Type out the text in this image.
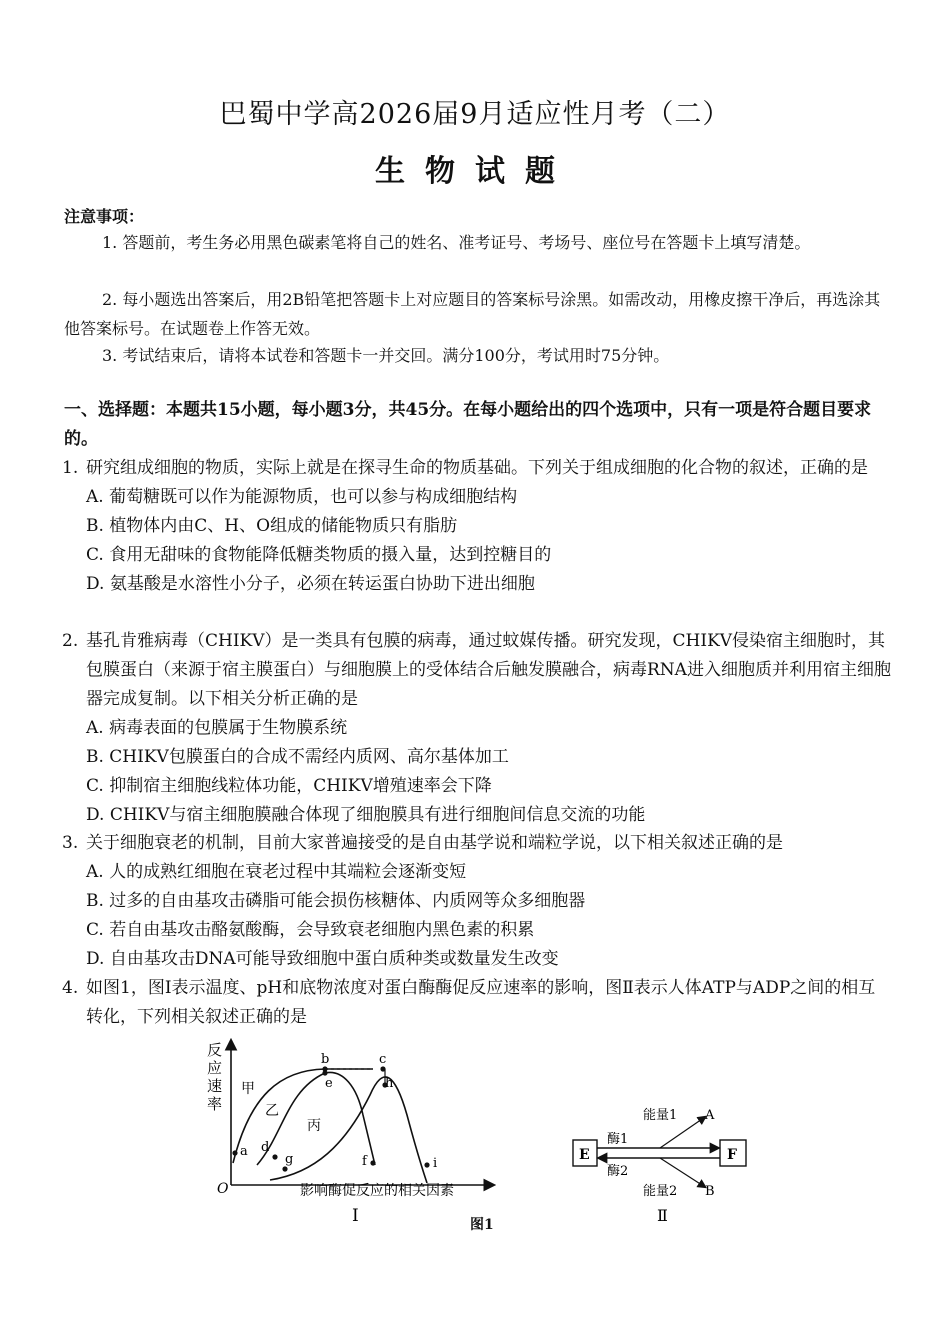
巴蜀中学高2026届9月适应性月考（二）
生物试题
注意事项：
1. 答题前，考生务必用黑色碳素笔将自己的姓名、准考证号、考场号、座位号在答题卡上填写清楚。
2. 每小题选出答案后，用2B铅笔把答题卡上对应题目的答案标号涂黑。如需改动，用橡皮擦干净后，再选涂其他答案标号。在试题卷上作答无效。
3. 考试结束后，请将本试卷和答题卡一并交回。满分100分，考试用时75分钟。
一、选择题：本题共15小题，每小题3分，共45分。在每小题给出的四个选项中，只有一项是符合题目要求的。
1. 研究组成细胞的物质，实际上就是在探寻生命的物质基础。下列关于组成细胞的化合物的叙述，正确的是
A. 葡萄糖既可以作为能源物质，也可以参与构成细胞结构
B. 植物体内由C、H、O组成的储能物质只有脂肪
C. 食用无甜味的食物能降低糖类物质的摄入量，达到控糖目的
D. 氨基酸是水溶性小分子，必须在转运蛋白协助下进出细胞
2. 基孔肯雅病毒（CHIKV）是一类具有包膜的病毒，通过蚊媒传播。研究发现，CHIKV侵染宿主细胞时，其包膜蛋白（来源于宿主膜蛋白）与细胞膜上的受体结合后触发膜融合，病毒RNA进入细胞质并利用宿主细胞器完成复制。以下相关分析正确的是
A. 病毒表面的包膜属于生物膜系统
B. CHIKV包膜蛋白的合成不需经内质网、高尔基体加工
C. 抑制宿主细胞线粒体功能，CHIKV增殖速率会下降
D. CHIKV与宿主细胞膜融合体现了细胞膜具有进行细胞间信息交流的功能
3. 关于细胞衰老的机制，目前大家普遍接受的是自由基学说和端粒学说，以下相关叙述正确的是
A. 人的成熟红细胞在衰老过程中其端粒会逐渐变短
B. 过多的自由基攻击磷脂可能会损伤核糖体、内质网等众多细胞器
C. 若自由基攻击酪氨酸酶，会导致衰老细胞内黑色素的积累
D. 自由基攻击DNA可能导致细胞中蛋白质种类或数量发生改变
4. 如图1，图Ⅰ表示温度、pH和底物浓度对蛋白酶酶促反应速率的影响，图Ⅱ表示人体ATP与ADP之间的相互转化，下列相关叙述正确的是
反
应
速
率
O	影响酶促反应的相关因素
Ⅰ
a
b	c
d
e
f
g
h
i
甲
乙
丙
E	F
酶1
酶2
能量1
能量2
A
B
Ⅱ
图1
